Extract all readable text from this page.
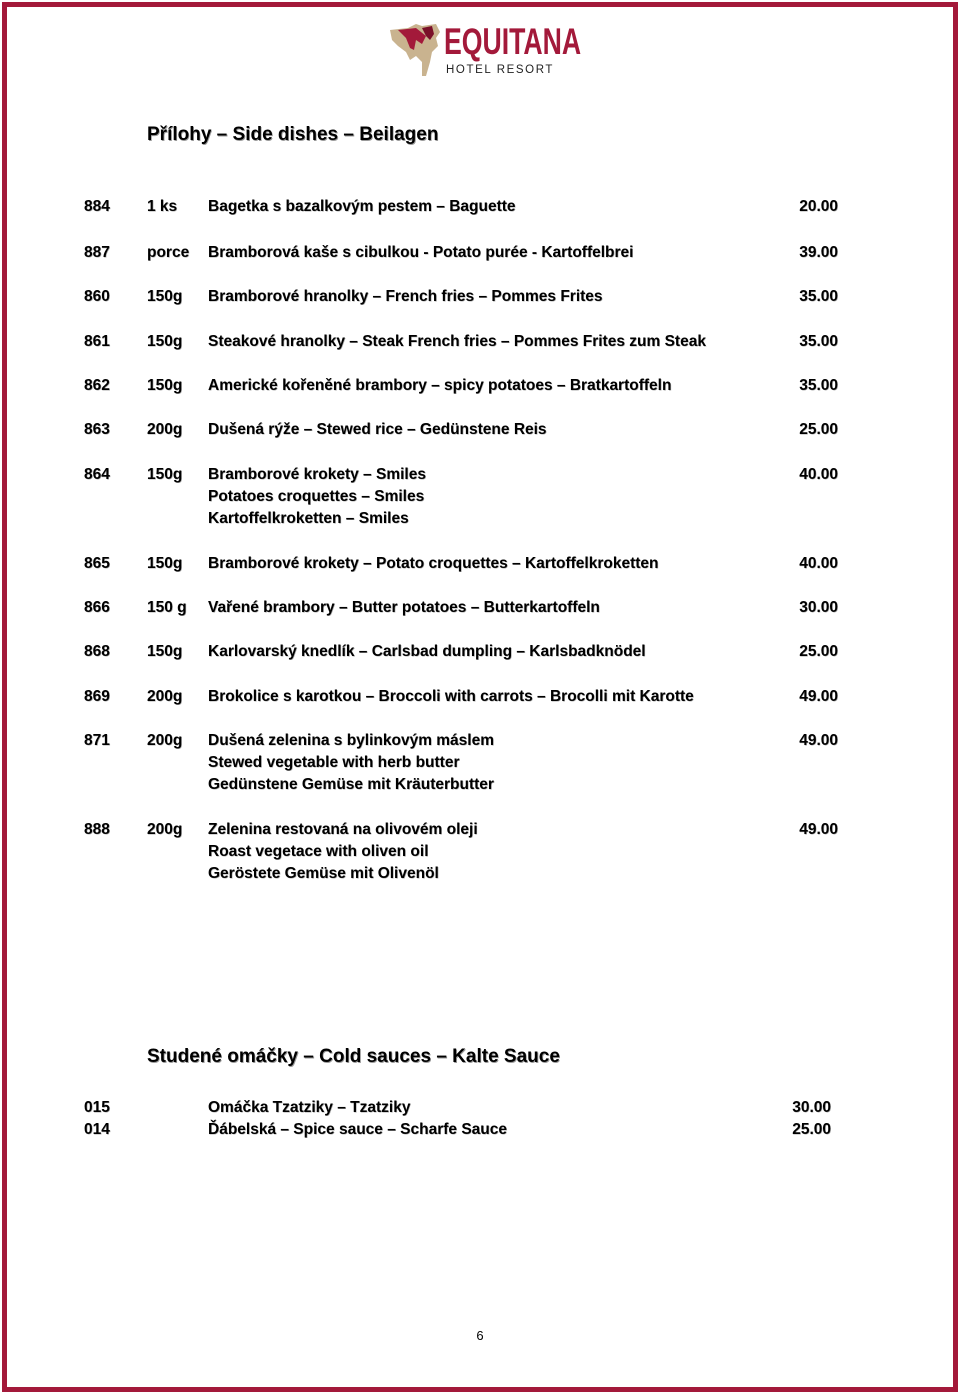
EQUITANA
HOTEL RESORT
Přílohy – Side dishes – Beilagen
884 1 ks Bagetka s bazalkovým pestem – Baguette	20.00
887 porce Bramborová kaše s cibulkou - Potato purée - Kartoffelbrei	39.00
860 150g Bramborové hranolky – French fries – Pommes Frites	35.00
861 150g Steakové hranolky – Steak French fries – Pommes Frites zum Steak	35.00
862 150g Americké kořeněné brambory – spicy potatoes – Bratkartoffeln	35.00
863 200g Dušená rýže – Stewed rice – Gedünstene Reis	25.00
864 150g Bramborové krokety – Smiles	40.00
Potatoes croquettes – Smiles
Kartoffelkroketten – Smiles
865 150g Bramborové krokety – Potato croquettes – Kartoffelkroketten	40.00
866 150 g Vařené brambory – Butter potatoes – Butterkartoffeln	30.00
868 150g Karlovarský knedlík – Carlsbad dumpling – Karlsbadknödel	25.00
869 200g Brokolice s karotkou – Broccoli with carrots – Brocolli mit Karotte	49.00
871 200g Dušená zelenina s bylinkovým máslem	49.00
Stewed vegetable with herb butter
Gedünstene Gemüse mit Kräuterbutter
888 200g Zelenina restovaná na olivovém oleji	49.00
Roast vegetace with oliven oil
Geröstete Gemüse mit Olivenöl
Studené omáčky – Cold sauces – Kalte Sauce
015	Omáčka Tzatziky – Tzatziky	30.00
014	Ďábelská – Spice sauce – Scharfe Sauce	25.00
6
